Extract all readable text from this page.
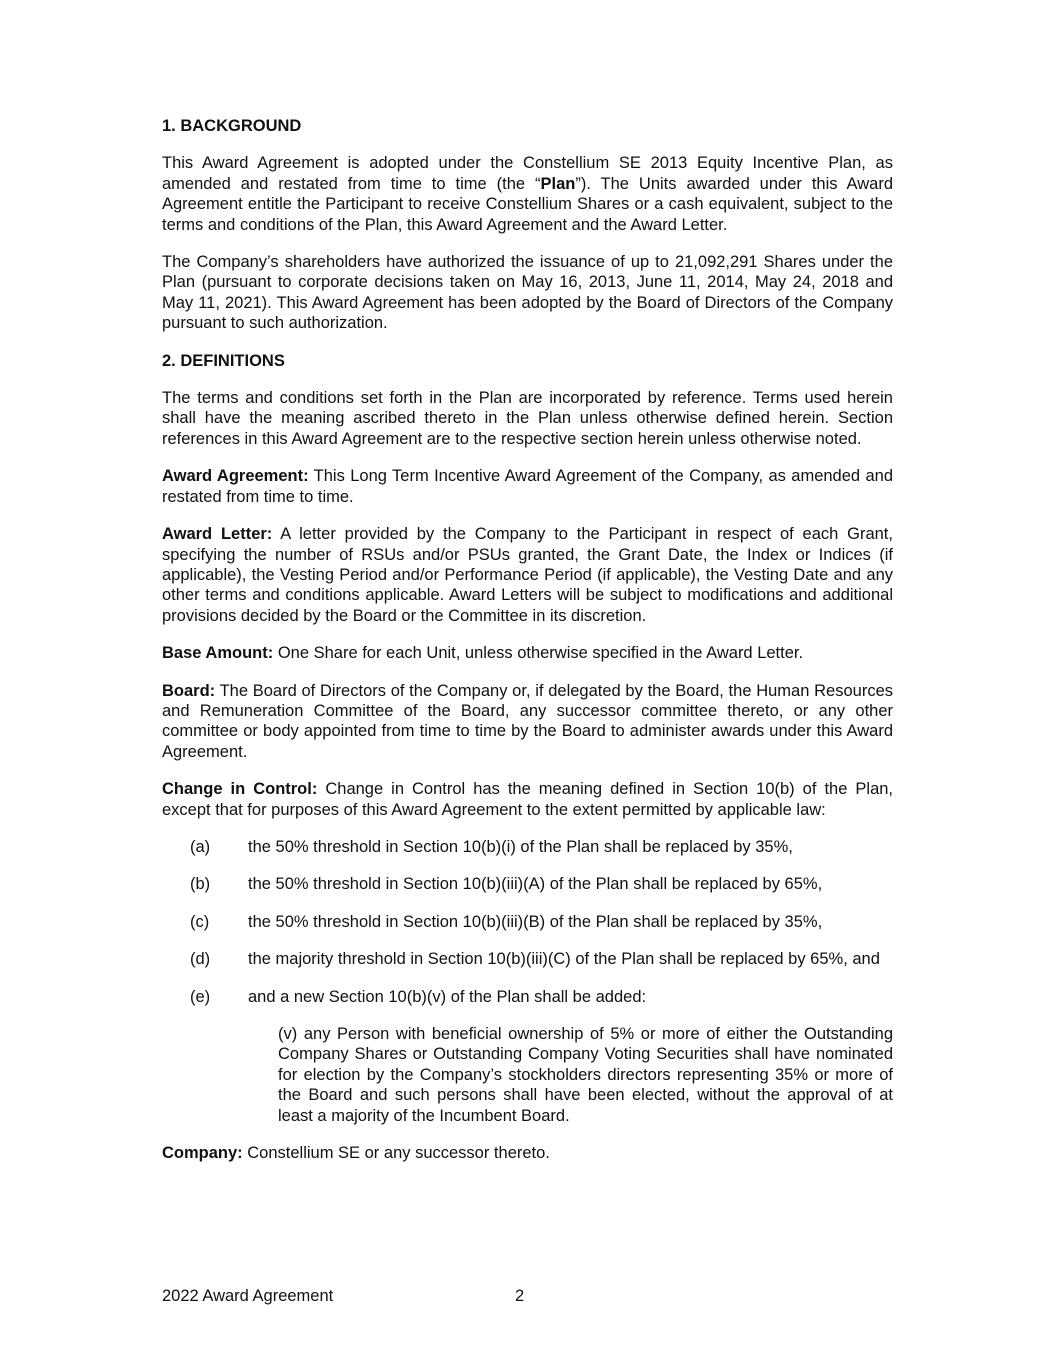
1. BACKGROUND

This Award Agreement is adopted under the Constellium SE 2013 Equity Incentive Plan, as amended and restated from time to time (the “Plan”). The Units awarded under this Award Agreement entitle the Participant to receive Constellium Shares or a cash equivalent, subject to the terms and conditions of the Plan, this Award Agreement and the Award Letter.

The Company’s shareholders have authorized the issuance of up to 21,092,291 Shares under the Plan (pursuant to corporate decisions taken on May 16, 2013, June 11, 2014, May 24, 2018 and May 11, 2021). This Award Agreement has been adopted by the Board of Directors of the Company pursuant to such authorization.

2. DEFINITIONS

The terms and conditions set forth in the Plan are incorporated by reference. Terms used herein shall have the meaning ascribed thereto in the Plan unless otherwise defined herein. Section references in this Award Agreement are to the respective section herein unless otherwise noted.

Award Agreement: This Long Term Incentive Award Agreement of the Company, as amended and restated from time to time.

Award Letter: A letter provided by the Company to the Participant in respect of each Grant, specifying the number of RSUs and/or PSUs granted, the Grant Date, the Index or Indices (if applicable), the Vesting Period and/or Performance Period (if applicable), the Vesting Date and any other terms and conditions applicable. Award Letters will be subject to modifications and additional provisions decided by the Board or the Committee in its discretion.

Base Amount: One Share for each Unit, unless otherwise specified in the Award Letter.

Board: The Board of Directors of the Company or, if delegated by the Board, the Human Resources and Remuneration Committee of the Board, any successor committee thereto, or any other committee or body appointed from time to time by the Board to administer awards under this Award Agreement.

Change in Control: Change in Control has the meaning defined in Section 10(b) of the Plan, except that for purposes of this Award Agreement to the extent permitted by applicable law:

(a)	the 50% threshold in Section 10(b)(i) of the Plan shall be replaced by 35%,
(b)	the 50% threshold in Section 10(b)(iii)(A) of the Plan shall be replaced by 65%,
(c)	the 50% threshold in Section 10(b)(iii)(B) of the Plan shall be replaced by 35%,
(d)	the majority threshold in Section 10(b)(iii)(C) of the Plan shall be replaced by 65%, and
(e)	and a new Section 10(b)(v) of the Plan shall be added:

(v) any Person with beneficial ownership of 5% or more of either the Outstanding Company Shares or Outstanding Company Voting Securities shall have nominated for election by the Company’s stockholders directors representing 35% or more of the Board and such persons shall have been elected, without the approval of at least a majority of the Incumbent Board.

Company: Constellium SE or any successor thereto.

2022 Award Agreement	2
